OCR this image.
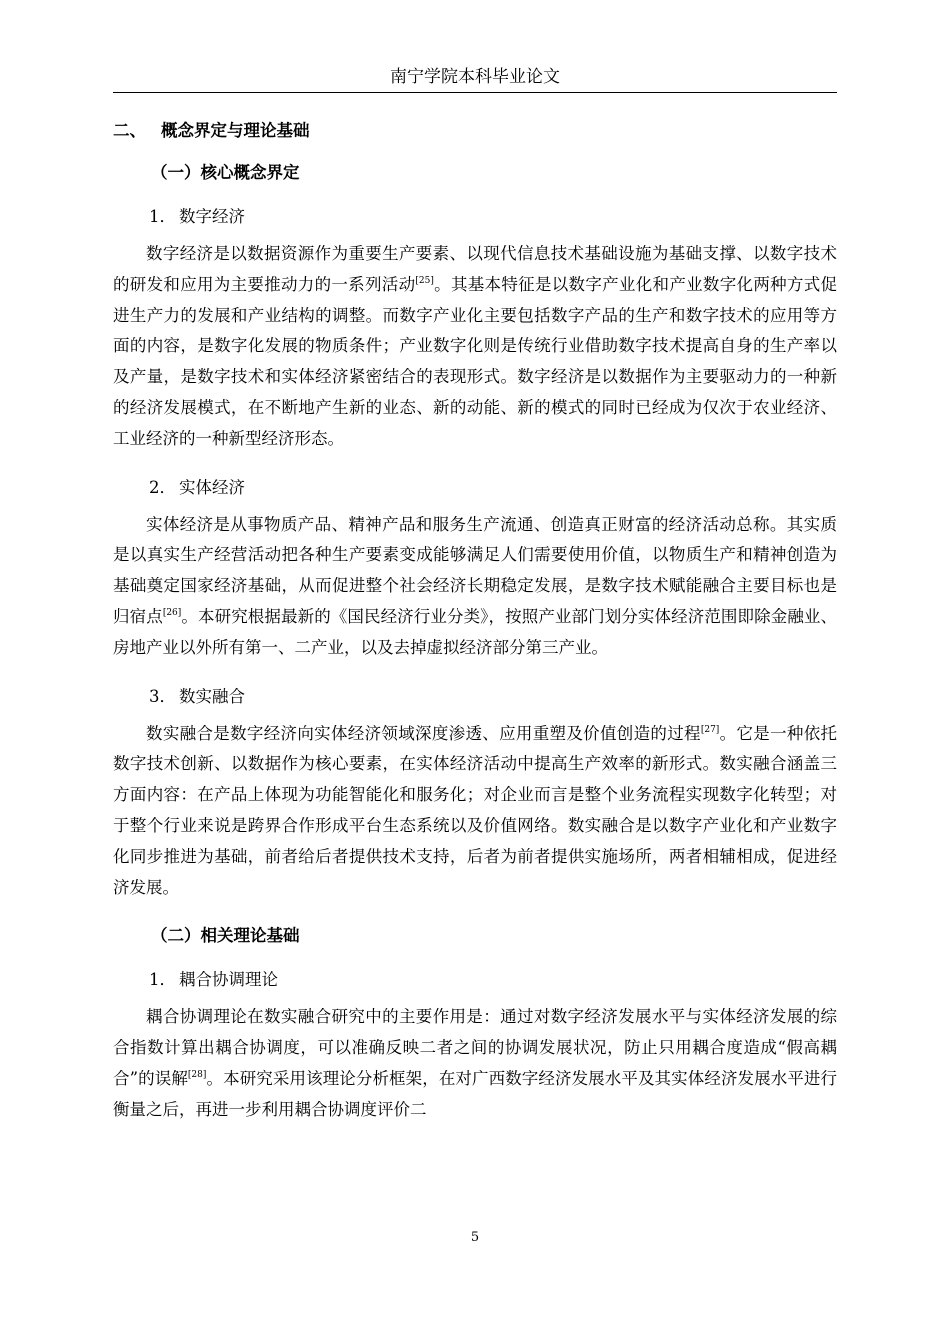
南宁学院本科毕业论文
二、 概念界定与理论基础
（一）核心概念界定
1． 数字经济

数字经济是以数据资源作为重要生产要素、以现代信息技术基础设施为基础支撑、以数字技术的研发和应用为主要推动力的一系列活动[25]。其基本特征是以数字产业化和产业数字化两种方式促进生产力的发展和产业结构的调整。而数字产业化主要包括数字产品的生产和数字技术的应用等方面的内容，是数字化发展的物质条件；产业数字化则是传统行业借助数字技术提高自身的生产率以及产量，是数字技术和实体经济紧密结合的表现形式。数字经济是以数据作为主要驱动力的一种新的经济发展模式，在不断地产生新的业态、新的动能、新的模式的同时已经成为仅次于农业经济、工业经济的一种新型经济形态。

2． 实体经济

实体经济是从事物质产品、精神产品和服务生产流通、创造真正财富的经济活动总称。其实质是以真实生产经营活动把各种生产要素变成能够满足人们需要使用价值，以物质生产和精神创造为基础奠定国家经济基础，从而促进整个社会经济长期稳定发展，是数字技术赋能融合主要目标也是归宿点[26]。本研究根据最新的《国民经济行业分类》，按照产业部门划分实体经济范围即除金融业、房地产业以外所有第一、二产业，以及去掉虚拟经济部分第三产业。

3． 数实融合

数实融合是数字经济向实体经济领域深度渗透、应用重塑及价值创造的过程[27]。它是一种依托数字技术创新、以数据作为核心要素，在实体经济活动中提高生产效率的新形式。数实融合涵盖三方面内容：在产品上体现为功能智能化和服务化；对企业而言是整个业务流程实现数字化转型；对于整个行业来说是跨界合作形成平台生态系统以及价值网络。数实融合是以数字产业化和产业数字化同步推进为基础，前者给后者提供技术支持，后者为前者提供实施场所，两者相辅相成，促进经济发展。

（二）相关理论基础
1． 耦合协调理论

耦合协调理论在数实融合研究中的主要作用是：通过对数字经济发展水平与实体经济发展的综合指数计算出耦合协调度，可以准确反映二者之间的协调发展状况，防止只用耦合度造成“假高耦合”的误解[28]。本研究采用该理论分析框架，在对广西数字经济发展水平及其实体经济发展水平进行衡量之后，再进一步利用耦合协调度评价二

5
